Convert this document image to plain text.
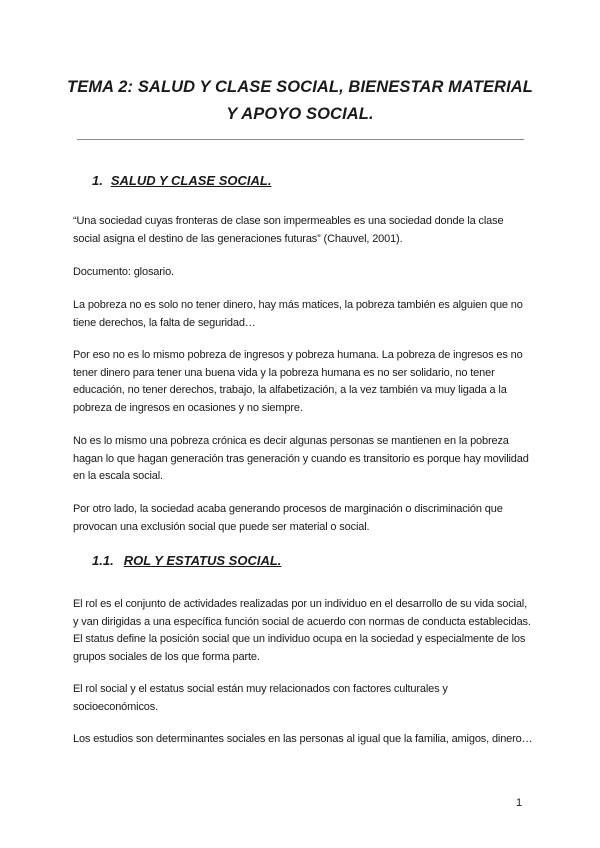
TEMA 2: SALUD Y CLASE SOCIAL, BIENESTAR MATERIAL Y APOYO SOCIAL.
1. SALUD Y CLASE SOCIAL.
“Una sociedad cuyas fronteras de clase son impermeables es una sociedad donde la clase social asigna el destino de las generaciones futuras” (Chauvel, 2001).
Documento: glosario.
La pobreza no es solo no tener dinero, hay más matices, la pobreza también es alguien que no tiene derechos, la falta de seguridad…
Por eso no es lo mismo pobreza de ingresos y pobreza humana. La pobreza de ingresos es no tener dinero para tener una buena vida y la pobreza humana es no ser solidario, no tener educación, no tener derechos, trabajo, la alfabetización, a la vez también va muy ligada a la pobreza de ingresos en ocasiones y no siempre.
No es lo mismo una pobreza crónica es decir algunas personas se mantienen en la pobreza hagan lo que hagan generación tras generación y cuando es transitorio es porque hay movilidad en la escala social.
Por otro lado, la sociedad acaba generando procesos de marginación o discriminación que provocan una exclusión social que puede ser material o social.
1.1. ROL Y ESTATUS SOCIAL.
El rol es el conjunto de actividades realizadas por un individuo en el desarrollo de su vida social, y van dirigidas a una específica función social de acuerdo con normas de conducta establecidas. El status define la posición social que un individuo ocupa en la sociedad y especialmente de los grupos sociales de los que forma parte.
El rol social y el estatus social están muy relacionados con factores culturales y socioeconómicos.
Los estudios son determinantes sociales en las personas al igual que la familia, amigos, dinero…
1
